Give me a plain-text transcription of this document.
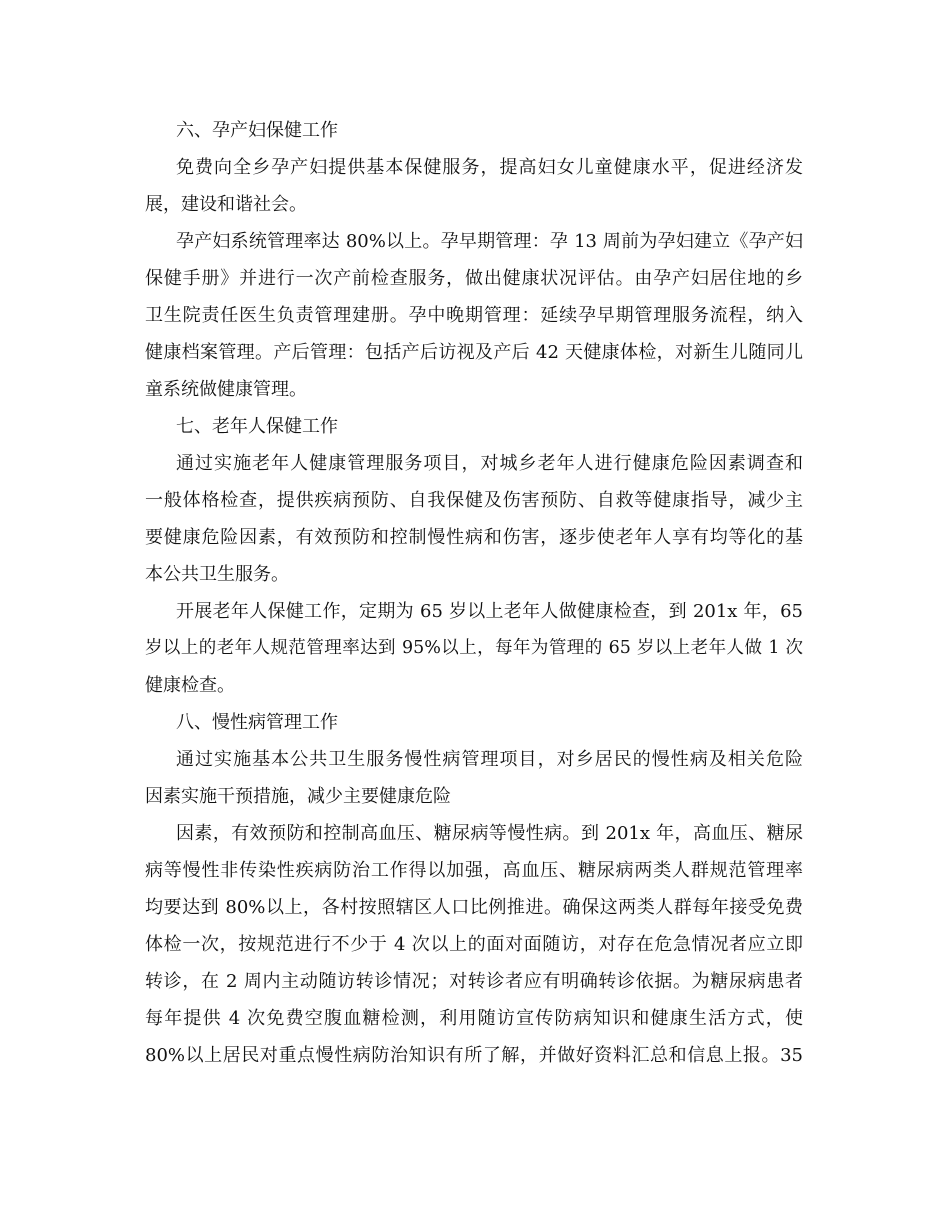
六、孕产妇保健工作
免费向全乡孕产妇提供基本保健服务，提高妇女儿童健康水平，促进经济发
展，建设和谐社会。
孕产妇系统管理率达 80%以上。孕早期管理：孕 13 周前为孕妇建立《孕产妇
保健手册》并进行一次产前检查服务，做出健康状况评估。由孕产妇居住地的乡
卫生院责任医生负责管理建册。孕中晚期管理：延续孕早期管理服务流程，纳入
健康档案管理。产后管理：包括产后访视及产后 42 天健康体检，对新生儿随同儿
童系统做健康管理。
七、老年人保健工作
通过实施老年人健康管理服务项目，对城乡老年人进行健康危险因素调查和
一般体格检查，提供疾病预防、自我保健及伤害预防、自救等健康指导，减少主
要健康危险因素，有效预防和控制慢性病和伤害，逐步使老年人享有均等化的基
本公共卫生服务。
开展老年人保健工作，定期为 65 岁以上老年人做健康检查，到 201x 年，65
岁以上的老年人规范管理率达到 95%以上，每年为管理的 65 岁以上老年人做 1 次
健康检查。
八、慢性病管理工作
通过实施基本公共卫生服务慢性病管理项目，对乡居民的慢性病及相关危险
因素实施干预措施，减少主要健康危险
因素，有效预防和控制高血压、糖尿病等慢性病。到 201x 年，高血压、糖尿
病等慢性非传染性疾病防治工作得以加强，高血压、糖尿病两类人群规范管理率
均要达到 80%以上，各村按照辖区人口比例推进。确保这两类人群每年接受免费
体检一次，按规范进行不少于 4 次以上的面对面随访，对存在危急情况者应立即
转诊，在 2 周内主动随访转诊情况；对转诊者应有明确转诊依据。为糖尿病患者
每年提供 4 次免费空腹血糖检测，利用随访宣传防病知识和健康生活方式，使
80%以上居民对重点慢性病防治知识有所了解，并做好资料汇总和信息上报。35
